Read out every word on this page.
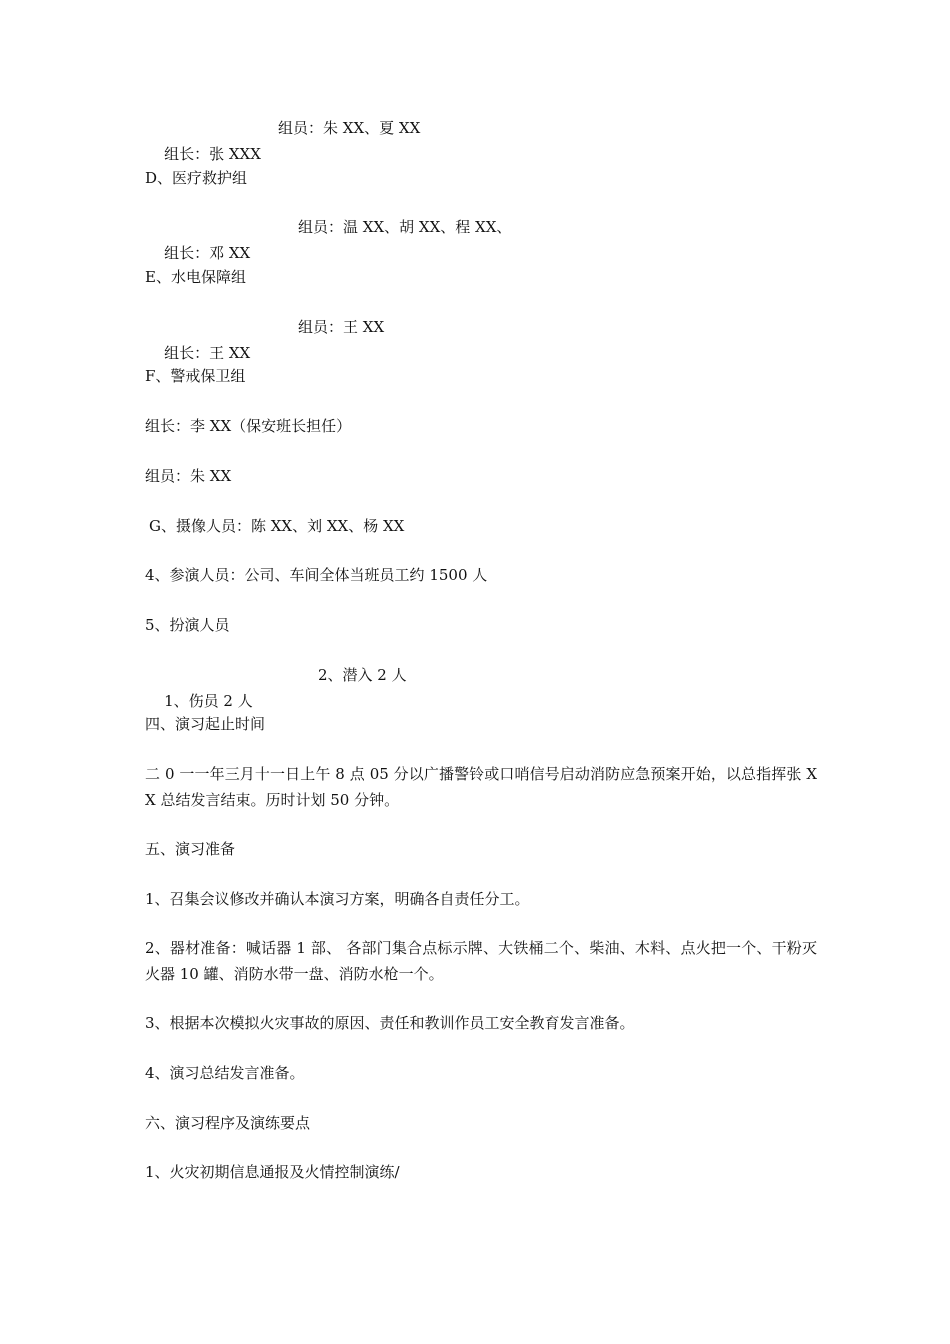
组长：张 XXX

组员：朱 XX、夏 XX

D、医疗救护组

组长：邓 XX

组员：温 XX、胡 XX、程 XX、

E、水电保障组

组长：王 XX

组员：王 XX

F、警戒保卫组
组长：李 XX（保安班长担任）
组员：朱 XX
G、摄像人员：陈 XX、刘 XX、杨 XX
4、参演人员：公司、车间全体当班员工约 1500 人
5、扮演人员

1、伤员 2 人

2、潜入 2 人

四、演习起止时间
二 0 一一年三月十一日上午 8 点 05 分以广播警铃或口哨信号启动消防应急预案开始，以总指挥张 XX 总结发言结束。历时计划 50 分钟。
五、演习准备
1、召集会议修改并确认本演习方案，明确各自责任分工。
2、器材准备：喊话器 1 部、 各部门集合点标示牌、大铁桶二个、柴油、木料、点火把一个、干粉灭火器 10 罐、消防水带一盘、消防水枪一个。
3、根据本次模拟火灾事故的原因、责任和教训作员工安全教育发言准备。
4、演习总结发言准备。
六、演习程序及演练要点
1、火灾初期信息通报及火情控制演练/
